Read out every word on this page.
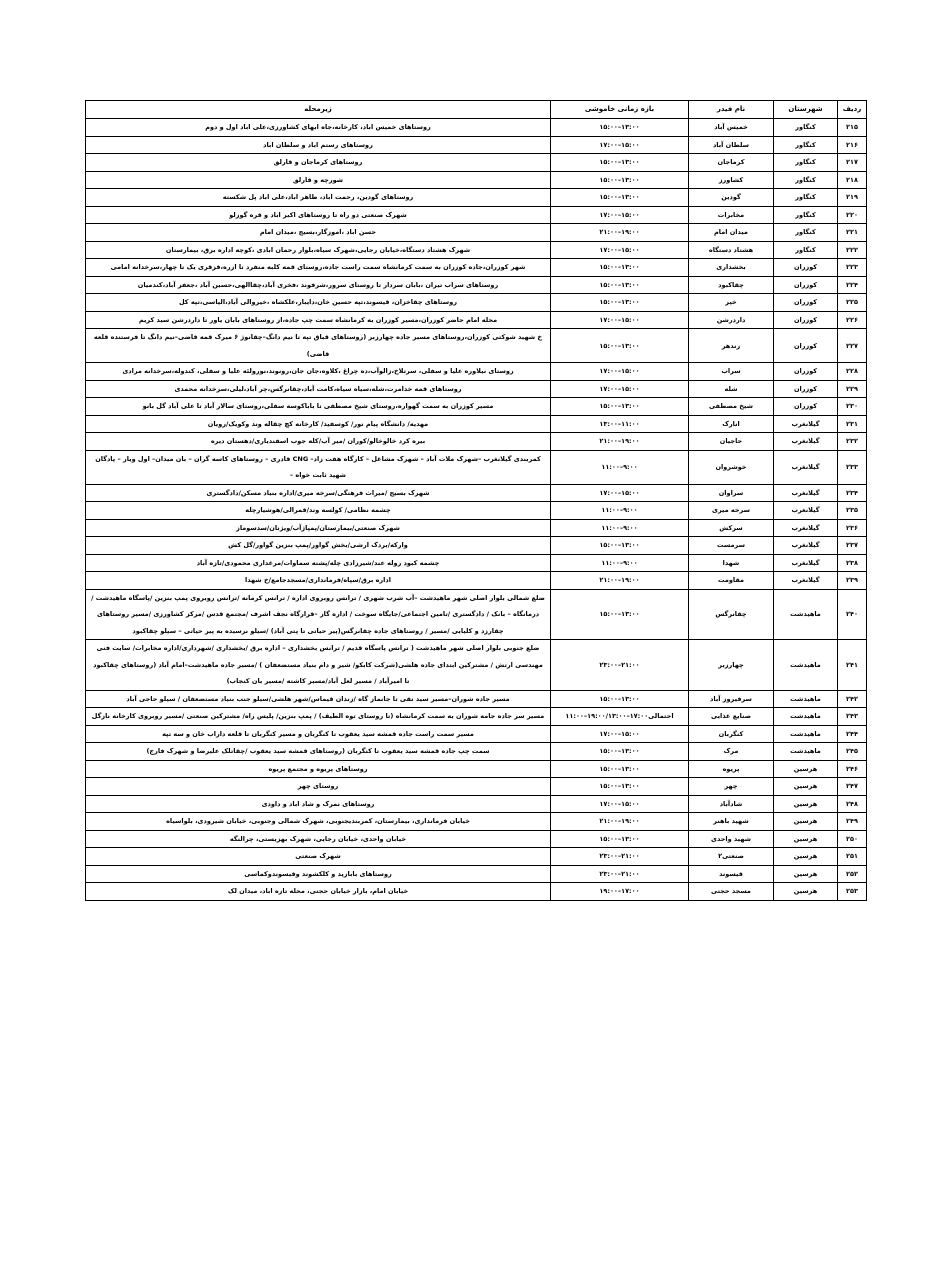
ردیف	شهرستان	نام فیدر	بازه زمانی خاموشی	زیرمحله
۲۱۵	کنگاور	خمیس آباد	۱۳:۰۰–۱۵:۰۰	روستاهای خمیس اباد، کارخانه،جاه ابهای کشاورزی،علی اباد اول و دوم
۲۱۶	کنگاور	سلطان آباد	۱۵:۰۰–۱۷:۰۰	روستاهای رستم اباد و سلطان اباد
۲۱۷	کنگاور	کرماجان	۱۳:۰۰–۱۵:۰۰	روستاهای کرماجان و قارلق
۲۱۸	کنگاور	کشاورز	۱۳:۰۰–۱۵:۰۰	شورچه و قارلق
۲۱۹	کنگاور	گودین	۱۳:۰۰–۱۵:۰۰	روستاهای گودین، رحمت اباد، طاهر اباد،علی اباد پل شکسته
۲۲۰	کنگاور	مخابرات	۱۵:۰۰–۱۷:۰۰	شهرک صنعتی دو راه تا روستاهای اکبر اباد و قره گوزلو
۲۲۱	کنگاور	میدان امام	۱۹:۰۰–۲۱:۰۰	حسن اباد ،اموزگار،بسیج ،میدان امام
۲۲۲	کنگاور	هشتاد دستگاه	۱۵:۰۰–۱۷:۰۰	شهرک هشتاد دستگاه،خیابان رجایی،شهرک سیاه،بلوار رحمان ابادی ،کوچه اداره برق، بیمارستان
۲۲۳	کوزران	بخشداری	۱۳:۰۰–۱۵:۰۰	شهر کوزران،جاده کوزران به سمت کرمانشاه سمت راست جاده،روستای قمه کلبه منفرد تا ازره،قزقری یک تا چهار،سرخدانه امامی
۲۲۴	کوزران	چقاکبود	۱۳:۰۰–۱۵:۰۰	روستاهای سراب تیران ،بابان سردار تا روستای سرور،شرفوند ،فخری آباد،چقاالهی،حسین آباد ،جعفر آباد،کندمیان
۲۲۵	کوزران	خیر	۱۳:۰۰–۱۵:۰۰	روستاهای چقاخزان، قیسوند،تپه حسین خان،دایبار،علکشاه ،خیروالی آباد،الیاسی،تپه کل
۲۲۶	کوزران	داردرشن	۱۵:۰۰–۱۷:۰۰	محله امام حاضر کوزران،مسیر کوزران به کرمانشاه سمت چپ جاده،از روستاهای بابان یاور تا داردرشن سید کریم
۲۲۷	کوزران	زندهر	۱۳:۰۰–۱۵:۰۰	خ شهید شوکتی کوزران،روستاهای مسیر جاده چهارزبر (روستاهای قباق تپه تا نیم دانگ–چقانوژ ۶ میرک قمه قاضی–نیم دانگ تا فرستنده قلعه قاضی)
۲۲۸	کوزران	سراب	۱۵:۰۰–۱۷:۰۰	روستای نیلاوره علیا و سفلی، سرتلاخ،زالوآب،ده چراغ ،کلاوه،جان جان،رونوند،نورولئه علیا و سفلی، کندوله،سرخدانه مرادی
۲۲۹	کوزران	شله	۱۵:۰۰–۱۷:۰۰	روستاهای قمه خدامرت،شله،سیاه سیاه،کامت آباد،چقانرگس،چر آباد،لیلی،سرخدانه محمدی
۲۳۰	کوزران	شیخ مصطفی	۱۳:۰۰–۱۵:۰۰	مسیر کوزران به سمت گهواره،روستای شیخ مصطفی تا باباکوسه سفلی،روستای سالار آباد تا علی آباد گل بانو
۲۳۱	گیلانغرب	انارک	۱۱:۰۰–۱۳:۰۰	مهدیه/ دانشگاه پیام نور/ کوسفید/ کارخانه کچ چقاله وند وکویک/رویان
۲۳۲	گیلانغرب	حاجیان	۱۹:۰۰–۲۱:۰۰	بیره کرد خالوخالو/کوران /میر آب/کله جوب اسفندیاری/دهستان دیره
۲۳۳	گیلانغرب	خوشروان	۹:۰۰–۱۱:۰۰	کمربندی گیلانغرب –شهرک ملات آباد – شهرک مشاغل – کارگاه هفت زاد– CNG قادری – روستاهای کاسه گران – بان میدان– اول ویار – پادگان شهید ثابت خواه –
۲۳۴	گیلانغرب	سراوان	۱۵:۰۰–۱۷:۰۰	شهرک بسیج /میراث فرهنگی/سرخه میری/اداره بنیاد مسکن/دادگستری
۲۳۵	گیلانغرب	سرخه میری	۹:۰۰–۱۱:۰۰	چشمه نظامی/ کولسه وند/قمرالی/هوشیارچله
۲۳۶	گیلانغرب	سرکش	۹:۰۰–۱۱:۰۰	شهرک صنعتی/بیمارستان/پمپاژآب/ویژنان/سدسوماز
۲۳۷	گیلانغرب	سرمست	۱۳:۰۰–۱۵:۰۰	وارکه/بردک ارشی/بخش گواور/پمپ بنزین گواور/گل کش
۲۳۸	گیلانغرب	شهدا	۹:۰۰–۱۱:۰۰	چشمه کبود روله عند/شیرزادی چله/پشته سماوات/مرغداری محمودی/تازه آباد
۲۳۹	گیلانغرب	مقاومت	۱۹:۰۰–۲۱:۰۰	اداره برق/سپاه/فرمانداری/مسجدجامع/خ شهدا
۲۴۰	ماهیدشت	چقانرگس	۱۳:۰۰–۱۵:۰۰	ضلع شمالی بلوار اصلی شهر ماهیدشت –آب شرب شهری / ترانس روبروی اداره / ترانس کرمانه /ترانس روبروی پمپ بنزین /پاسگاه ماهیدشت / درمانگاه – بانک / دادگستری /تامین اجتماعی/جایگاه سوخت / اداره گاز –قرارگاه نجف اشرف /مجتمع قدس /مرکز کشاورزی /مسیر روستاهای چقارزد و کلیایی /مسیر / روستاهای جاده چقانرگس(پیر حیاتی تا پتی آباد) /سیلو نرسیده به پیر حیاتی – سیلو چقاکبود
۲۴۱	ماهیدشت	چهارزبر	۲۱:۰۰–۲۳:۰۰	ضلع جنوبی بلوار اصلی شهر ماهیدشت ( ترانس پاسگاه قدیم / ترانس بخشداری – اداره برق /بخشداری /شهرداری/اداره مخابرات/ سایت فنی مهندسی ارتش / مشترکین ابتدای جاده هلشی(شرکت کابکو/ شیر و دام بنیاد مستضعفان ) /مسیر جاده ماهیدشت–امام آباد (روستاهای چقاکبود تا امیرآباد / مسیر لعل آباد/مسیر کاشته /مسیر بان کنجاب)
۲۴۲	ماهیدشت	سرفیروز آباد	۱۳:۰۰–۱۵:۰۰	مسیر جاده شوران–مسیر سید نقی تا جانماز گاه /زندان قیماس/شهر هلشی/سیلو جنب بنیاد مستضعفان / سیلو حاجی آباد
۲۴۳	ماهیدشت	صنایع غذایی	احتمالی۱۷:۰۰–۱۹:۰۰/۱۳:۰۰–۱۱:۰۰	مسیر سر جاده جامه شوران به سمت کرمانشاه (تا روستای توه الطیف) / پمپ بنزین/ پلیس راه/ مشترکین صنعتی /مسیر روبروی کارخانه نازگل
۲۴۴	ماهیدشت	کنگربان	۱۵:۰۰–۱۷:۰۰	مسیر سمت راست جاده قمشه سید یعقوب تا کنگربان و مسیر کنگربان تا قلعه داراب خان و سه تپه
۲۴۵	ماهیدشت	مرک	۱۳:۰۰–۱۵:۰۰	سمت چپ جاده قمشه سید یعقوب تا کنگربان (روستاهای قمشه سید یعقوب /چقاتلک علیرضا و شهرک فارج)
۲۴۶	هرسین	پریوه	۱۳:۰۰–۱۵:۰۰	روستاهای پریوه و مجتمع پریوه
۲۴۷	هرسین	چهر	۱۳:۰۰–۱۵:۰۰	روستای چهر
۲۴۸	هرسین	شادآباد	۱۵:۰۰–۱۷:۰۰	روستاهای نمرک و شاد اباد و داودی
۲۴۹	هرسین	شهید باهنر	۱۹:۰۰–۲۱:۰۰	خیابان فرمانداری، بیمارستان، کمربندیجنوبی، شهرک شمالی وجنوبی، خیابان شیرودی، بلواسیاه
۲۵۰	هرسین	شهید واحدی	۱۳:۰۰–۱۵:۰۰	خیابان واحدی، خیابان رجایی، شهرک بهزیستی، چرالنگه
۲۵۱	هرسین	صنعتی۲	۲۱:۰۰–۲۳:۰۰	شهرک صنعتی
۲۵۲	هرسین	قیسوند	۲۱:۰۰–۲۳:۰۰	روستاهای بابازید و کلکشوند وقیسوندوکماسی
۲۵۳	هرسین	مسجد حجتی	۱۷:۰۰–۱۹:۰۰	خیابان امام، بازار خیابان حجتی، محله تازه اباد، میدان لک
